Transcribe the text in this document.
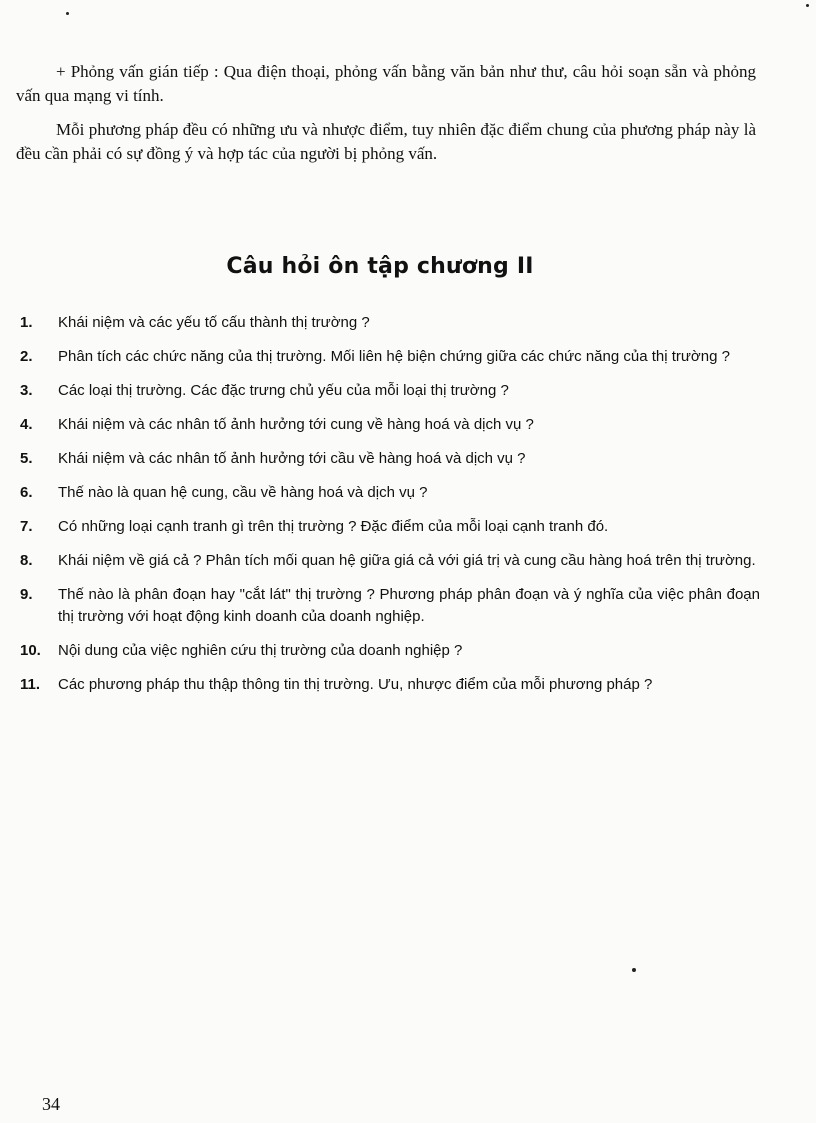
+ Phỏng vấn gián tiếp : Qua điện thoại, phỏng vấn bằng văn bản như thư, câu hỏi soạn sẵn và phỏng vấn qua mạng vi tính.

Mỗi phương pháp đều có những ưu và nhược điểm, tuy nhiên đặc điểm chung của phương pháp này là đều cần phải có sự đồng ý và hợp tác của người bị phỏng vấn.

Câu hỏi ôn tập chương II
1.	Khái niệm và các yếu tố cấu thành thị trường ?
2.	Phân tích các chức năng của thị trường. Mối liên hệ biện chứng giữa các chức năng của thị trường ?
3.	Các loại thị trường. Các đặc trưng chủ yếu của mỗi loại thị trường ?
4.	Khái niệm và các nhân tố ảnh hưởng tới cung về hàng hoá và dịch vụ ?
5.	Khái niệm và các nhân tố ảnh hưởng tới cầu về hàng hoá và dịch vụ ?
6.	Thế nào là quan hệ cung, cầu về hàng hoá và dịch vụ ?
7.	Có những loại cạnh tranh gì trên thị trường ? Đặc điểm của mỗi loại cạnh tranh đó.
8.	Khái niệm về giá cả ? Phân tích mối quan hệ giữa giá cả với giá trị và cung cầu hàng hoá trên thị trường.
9.	Thế nào là phân đoạn hay "cắt lát" thị trường ? Phương pháp phân đoạn và ý nghĩa của việc phân đoạn thị trường với hoạt động kinh doanh của doanh nghiệp.
10.	Nội dung của việc nghiên cứu thị trường của doanh nghiệp ?
11.	Các phương pháp thu thập thông tin thị trường. Ưu, nhược điểm của mỗi phương pháp ?
34
